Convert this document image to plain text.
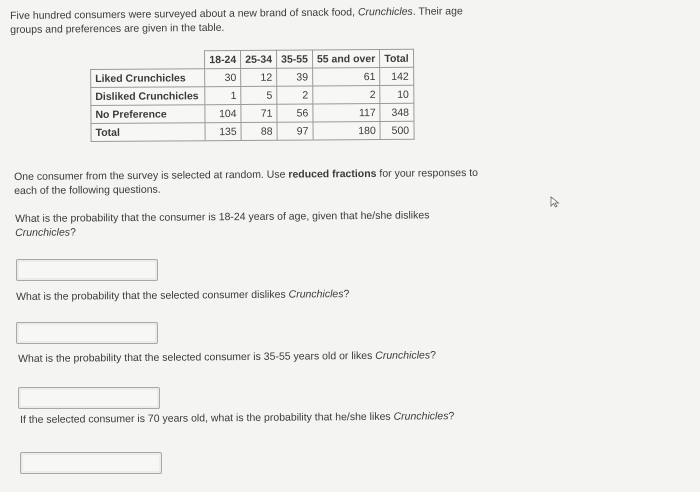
Five hundred consumers were surveyed about a new brand of snack food, Crunchicles. Their age groups and preferences are given in the table.
	18-24	25-34	35-55	55 and over	Total
Liked Crunchicles	30	12	39	61	142
Disliked Crunchicles	1	5	2	2	10
No Preference	104	71	56	117	348
Total	135	88	97	180	500
One consumer from the survey is selected at random. Use reduced fractions for your responses to each of the following questions.
What is the probability that the consumer is 18-24 years of age, given that he/she dislikes Crunchicles?
What is the probability that the selected consumer dislikes Crunchicles?
What is the probability that the selected consumer is 35-55 years old or likes Crunchicles?
If the selected consumer is 70 years old, what is the probability that he/she likes Crunchicles?
